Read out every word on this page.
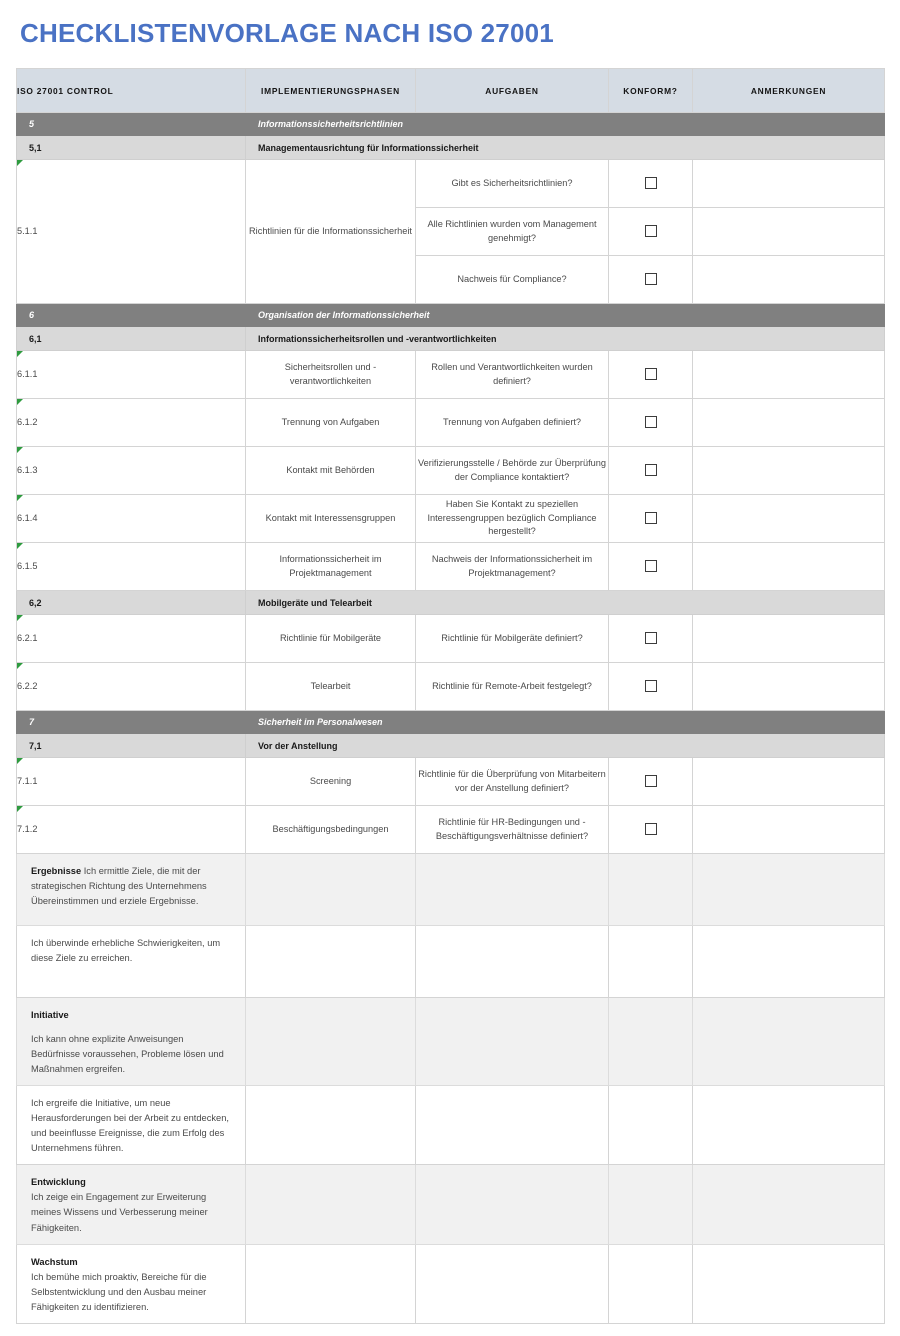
CHECKLISTENVORLAGE NACH ISO 27001
ISO 27001 CONTROL	IMPLEMENTIERUNGSPHASEN	AUFGABEN	KONFORM?	ANMERKUNGEN
5	Informationssicherheitsrichtlinien			
5,1	Managementausrichtung für Informationssicherheit			

5.1.1	Richtlinien für die Informationssicherheit	Gibt es Sicherheitsrichtlinien?		
		Alle Richtlinien wurden vom Management genehmigt?		
		Nachweis für Compliance?		
6	Organisation der Informationssicherheit			
6,1	Informationssicherheitsrollen und -verantwortlichkeiten			

6.1.1	Sicherheitsrollen und -verantwortlichkeiten	Rollen und Verantwortlichkeiten wurden definiert?		

6.1.2	Trennung von Aufgaben	Trennung von Aufgaben definiert?		

6.1.3	Kontakt mit Behörden	Verifizierungsstelle / Behörde zur Überprüfung der Compliance kontaktiert?		

6.1.4	Kontakt mit Interessensgruppen	Haben Sie Kontakt zu speziellen Interessengruppen bezüglich Compliance hergestellt?		

6.1.5	Informationssicherheit im Projektmanagement	Nachweis der Informationssicherheit im Projektmanagement?		
6,2	Mobilgeräte und Telearbeit			

6.2.1	Richtlinie für Mobilgeräte	Richtlinie für Mobilgeräte definiert?		

6.2.2	Telearbeit	Richtlinie für Remote-Arbeit festgelegt?		
7	Sicherheit im Personalwesen			
7,1	Vor der Anstellung			

7.1.1	Screening	Richtlinie für die Überprüfung von Mitarbeitern vor der Anstellung definiert?		

7.1.2	Beschäftigungsbedingungen	Richtlinie für HR-Bedingungen und -Beschäftigungsverhältnisse definiert?		
Ergebnisse Ich ermittle Ziele, die mit der strategischen Richtung des Unternehmens Übereinstimmen und erziele Ergebnisse.				
Ich überwinde erhebliche Schwierigkeiten, um diese Ziele zu erreichen.				
Initiative
Ich kann ohne explizite Anweisungen Bedürfnisse voraussehen, Probleme lösen und Maßnahmen ergreifen.				
Ich ergreife die Initiative, um neue Herausforderungen bei der Arbeit zu entdecken, und beeinflusse Ereignisse, die zum Erfolg des Unternehmens führen.				
Entwicklung
Ich zeige ein Engagement zur Erweiterung meines Wissens und Verbesserung meiner Fähigkeiten.				
Wachstum
Ich bemühe mich proaktiv, Bereiche für die Selbstentwicklung und den Ausbau meiner Fähigkeiten zu identifizieren.				
